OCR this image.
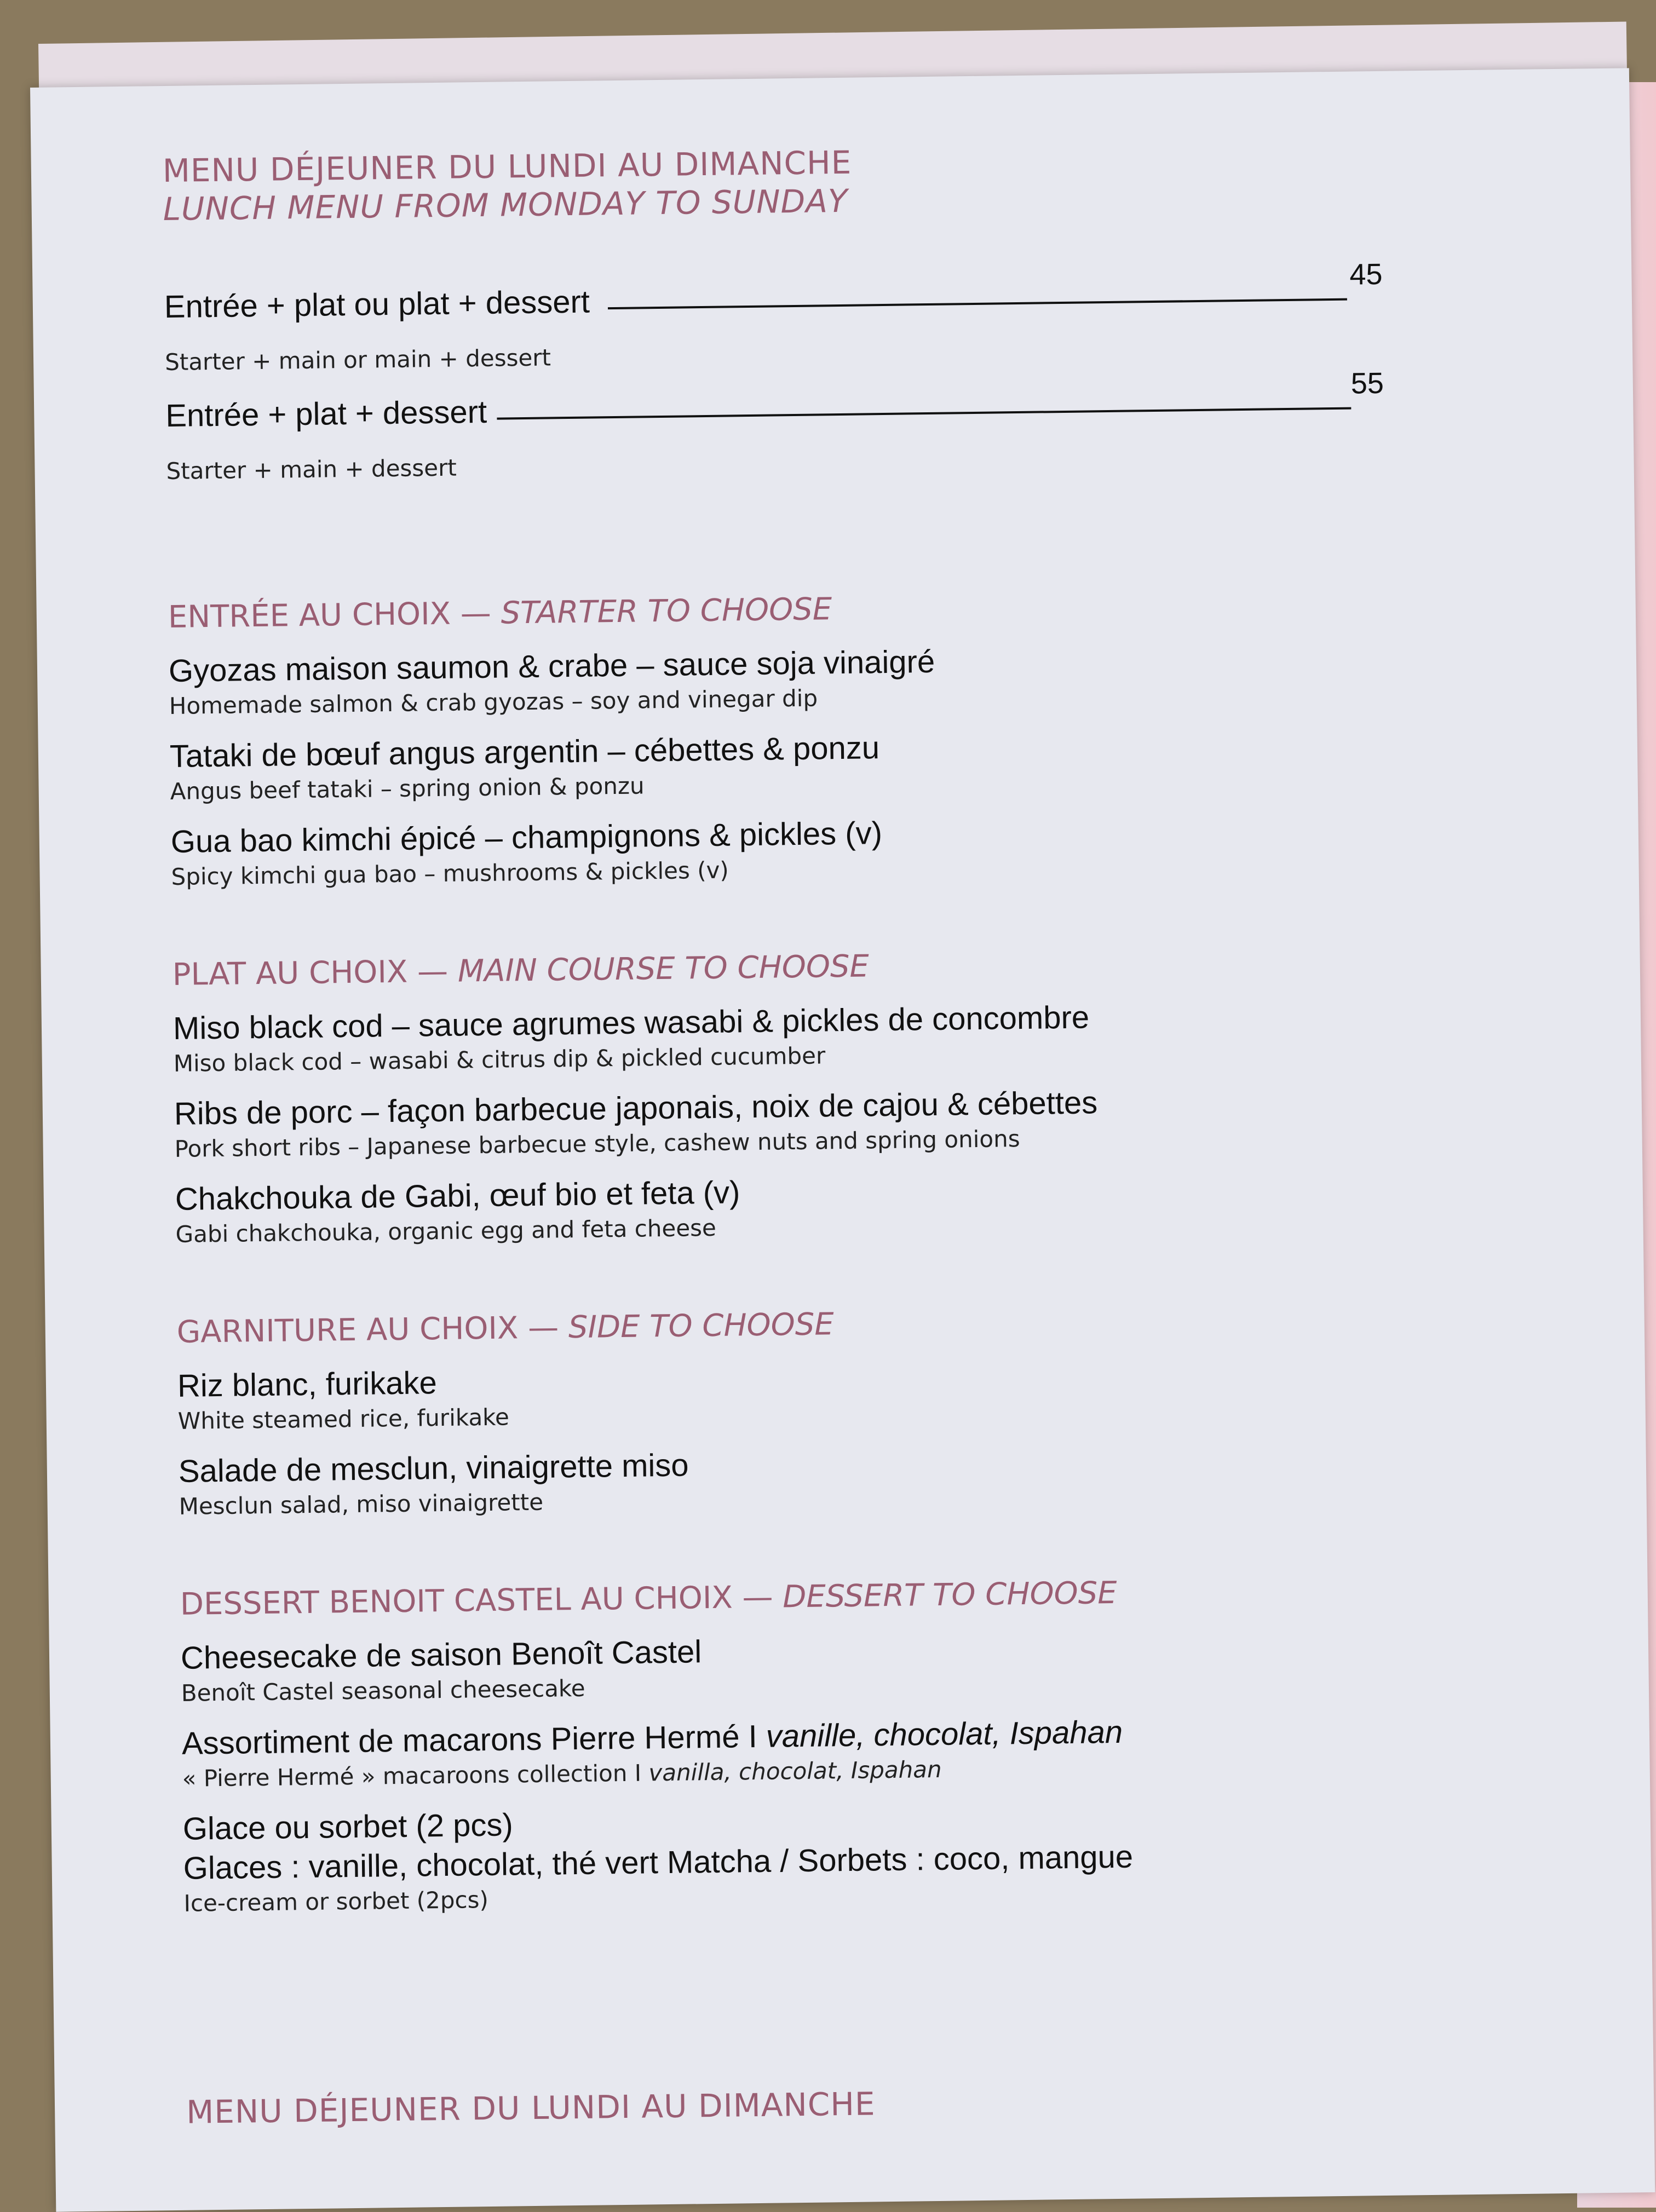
MENU DÉJEUNER DU LUNDI AU DIMANCHE

LUNCH MENU FROM MONDAY TO SUNDAY

Entrée + plat ou plat + dessert
45

Starter + main or main + dessert

Entrée + plat + dessert
55

Starter + main + dessert

ENTRÉE AU CHOIX — STARTER TO CHOOSE

Gyozas maison saumon & crabe – sauce soja vinaigré
Homemade salmon & crab gyozas – soy and vinegar dip
Tataki de bœuf angus argentin – cébettes & ponzu
Angus beef tataki – spring onion & ponzu
Gua bao kimchi épicé – champignons & pickles (v)
Spicy kimchi gua bao – mushrooms & pickles (v)

PLAT AU CHOIX — MAIN COURSE TO CHOOSE

Miso black cod – sauce agrumes wasabi & pickles de concombre
Miso black cod – wasabi & citrus dip & pickled cucumber
Ribs de porc – façon barbecue japonais, noix de cajou & cébettes
Pork short ribs – Japanese barbecue style, cashew nuts and spring onions
Chakchouka de Gabi, œuf bio et feta (v)
Gabi chakchouka, organic egg and feta cheese

GARNITURE AU CHOIX — SIDE TO CHOOSE

Riz blanc, furikake
White steamed rice, furikake
Salade de mesclun, vinaigrette miso
Mesclun salad, miso vinaigrette

DESSERT BENOIT CASTEL AU CHOIX — DESSERT TO CHOOSE

Cheesecake de saison Benoît Castel
Benoît Castel seasonal cheesecake
Assortiment de macarons Pierre Hermé I vanille, chocolat, Ispahan
« Pierre Hermé » macaroons collection I vanilla, chocolat, Ispahan
Glace ou sorbet (2 pcs)
Glaces : vanille, chocolat, thé vert Matcha / Sorbets : coco, mangue
Ice-cream or sorbet (2pcs)

MENU DÉJEUNER DU LUNDI AU DIMANCHE
